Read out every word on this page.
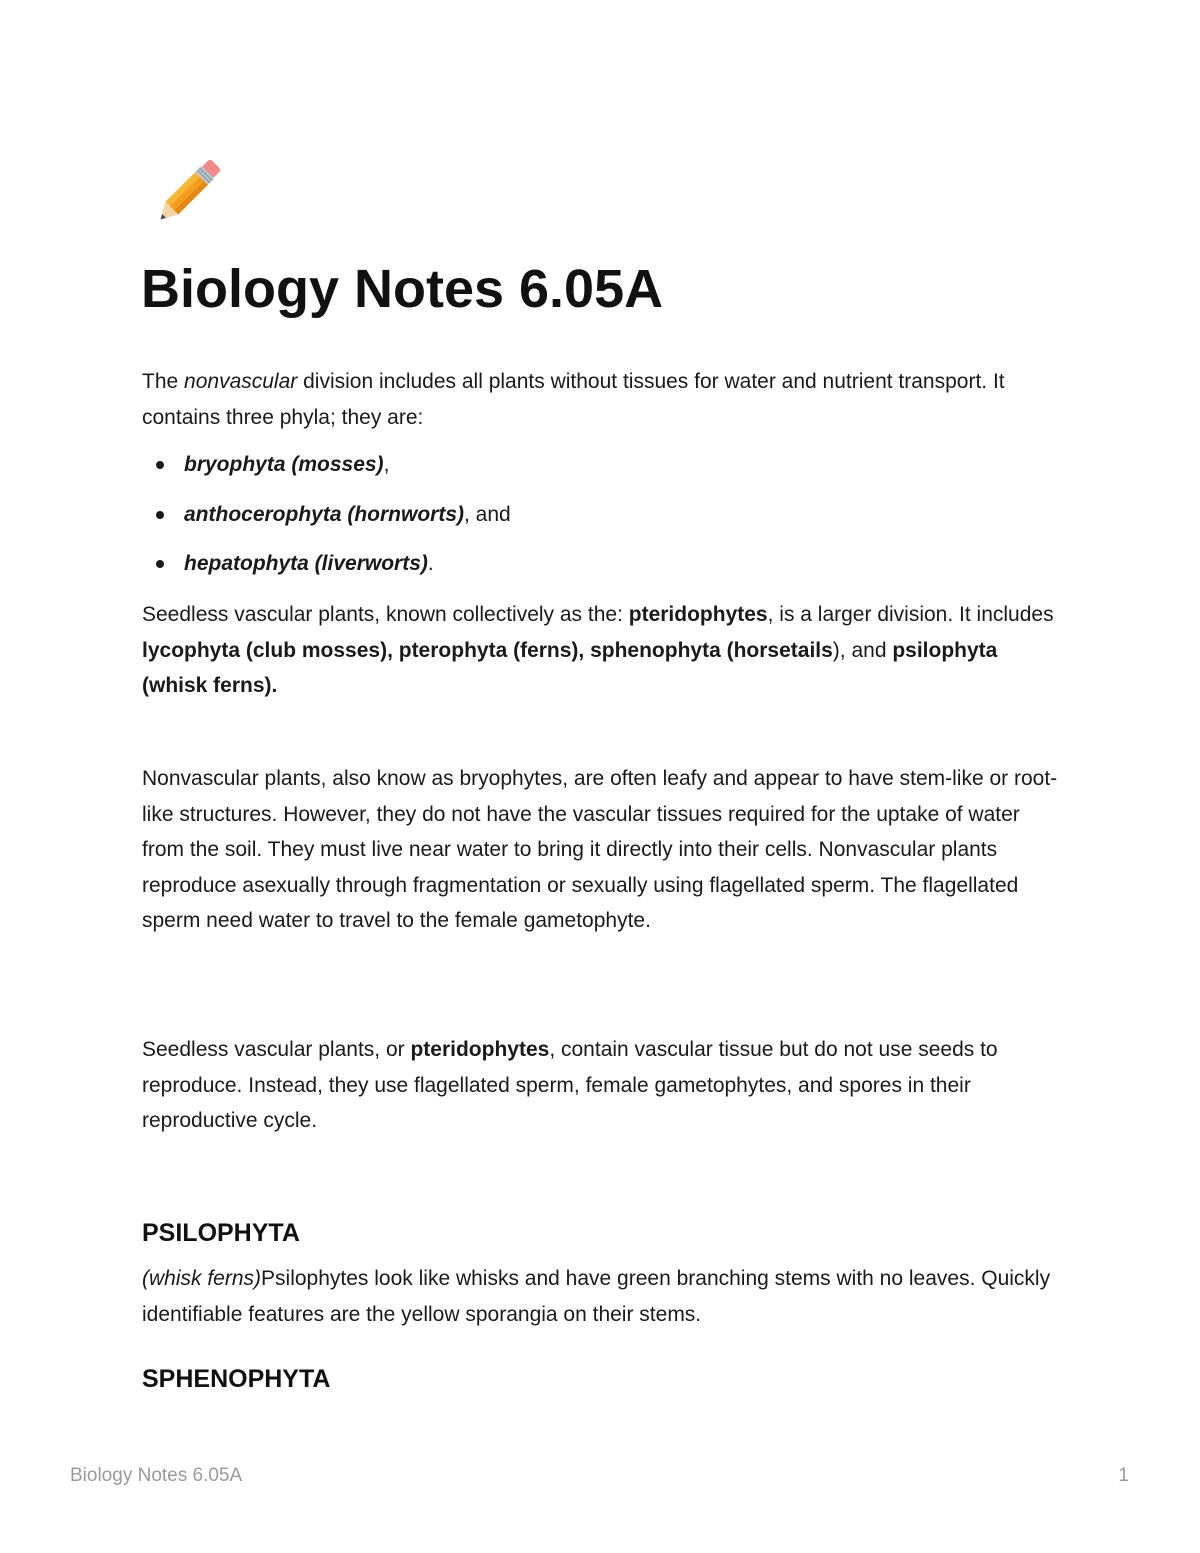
Biology Notes 6.05A

The nonvascular division includes all plants without tissues for water and nutrient transport. It contains three phyla; they are:

bryophyta (mosses),
anthocerophyta (hornworts), and
hepatophyta (liverworts).

Seedless vascular plants, known collectively as the: pteridophytes, is a larger division. It includes lycophyta (club mosses), pterophyta (ferns), sphenophyta (horsetails), and psilophyta (whisk ferns).

Nonvascular plants, also know as bryophytes, are often leafy and appear to have stem-like or root-like structures. However, they do not have the vascular tissues required for the uptake of water from the soil. They must live near water to bring it directly into their cells. Nonvascular plants reproduce asexually through fragmentation or sexually using flagellated sperm. The flagellated sperm need water to travel to the female gametophyte.

Seedless vascular plants, or pteridophytes, contain vascular tissue but do not use seeds to reproduce. Instead, they use flagellated sperm, female gametophytes, and spores in their reproductive cycle.

PSILOPHYTA

(whisk ferns)Psilophytes look like whisks and have green branching stems with no leaves. Quickly identifiable features are the yellow sporangia on their stems.

SPHENOPHYTA
Biology Notes 6.05A	1
